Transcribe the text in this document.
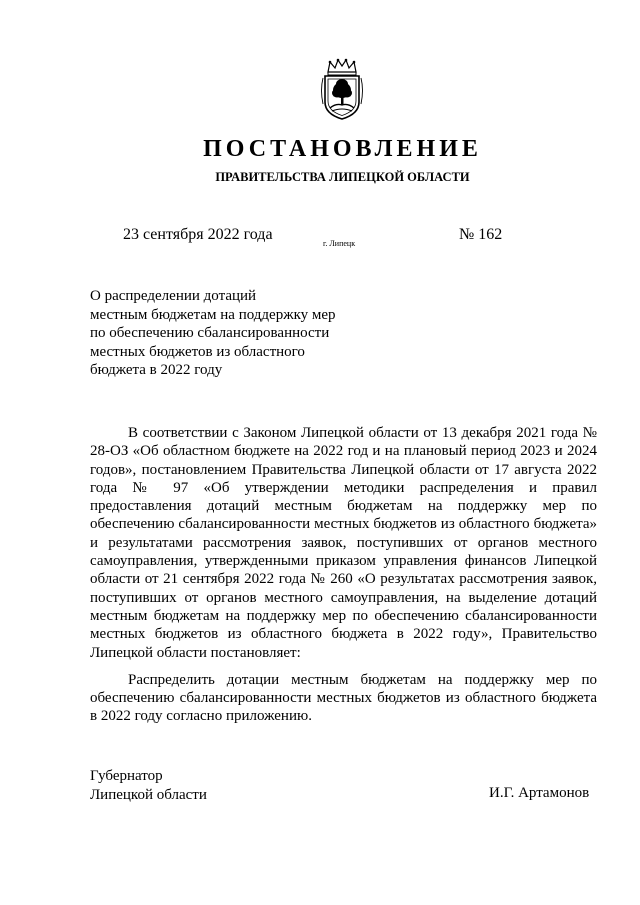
ПОСТАНОВЛЕНИЕ
ПРАВИТЕЛЬСТВА ЛИПЕЦКОЙ ОБЛАСТИ
23 сентября 2022 года
г. Липецк
№ 162
О распределении дотаций
местным бюджетам на поддержку мер
по обеспечению сбалансированности
местных бюджетов из областного
бюджета в 2022 году

В соответствии с Законом Липецкой области от 13 декабря 2021 года № 28-ОЗ «Об областном бюджете на 2022 год и на плановый период 2023 и 2024 годов», постановлением Правительства Липецкой области от 17 августа 2022 года № 97 «Об утверждении методики распределения и правил предоставления дотаций местным бюджетам на поддержку мер по обеспечению сбалансированности местных бюджетов из областного бюджета» и результатами рассмотрения заявок, поступивших от органов местного самоуправления, утвержденными приказом управления финансов Липецкой области от 21 сентября 2022 года № 260 «О результатах рассмотрения заявок, поступивших от органов местного самоуправления, на выделение дотаций местным бюджетам на поддержку мер по обеспечению сбалансированности местных бюджетов из областного бюджета в 2022 году», Правительство Липецкой области постановляет:

Распределить дотации местным бюджетам на поддержку мер по обеспечению сбалансированности местных бюджетов из областного бюджета в 2022 году согласно приложению.

Губернатор
Липецкой области	И.Г. Артамонов
